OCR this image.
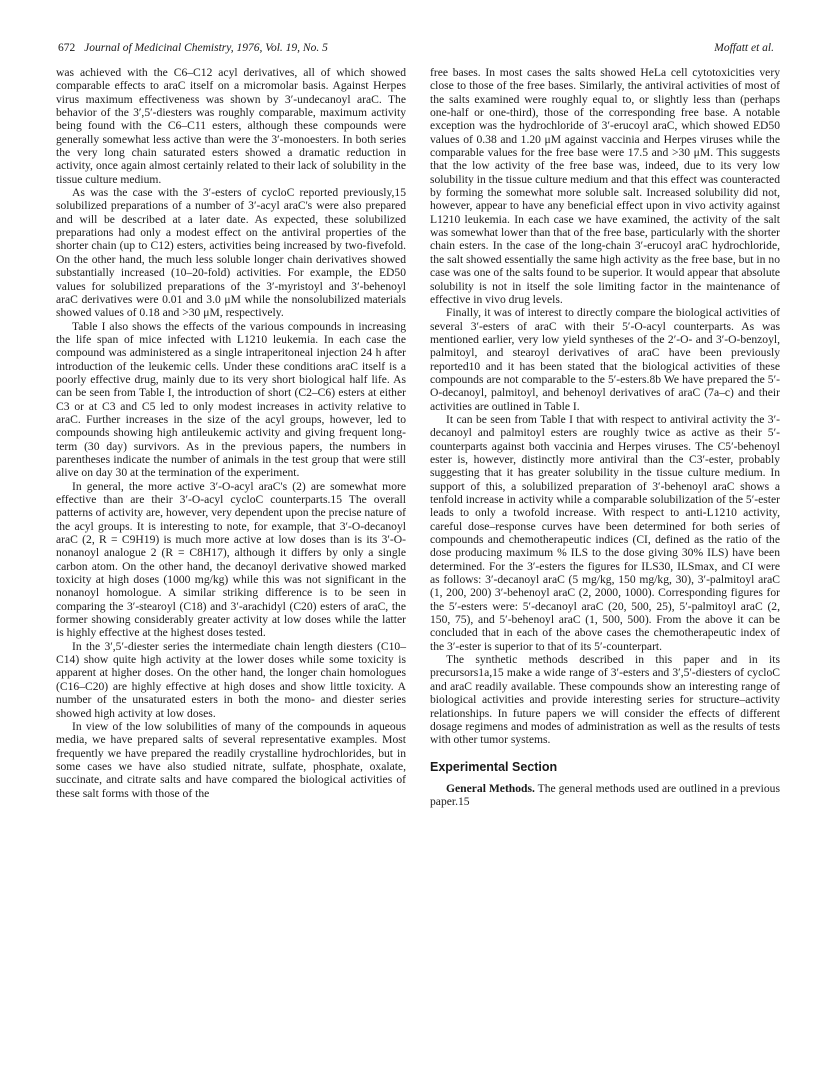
672 Journal of Medicinal Chemistry, 1976, Vol. 19, No. 5	Moffatt et al.

was achieved with the C6–C12 acyl derivatives, all of which showed comparable effects to araC itself on a micromolar basis. Against Herpes virus maximum effectiveness was shown by 3′-undecanoyl araC. The behavior of the 3′,5′-diesters was roughly comparable, maximum activity being found with the C6–C11 esters, although these compounds were generally somewhat less active than were the 3′-monoesters. In both series the very long chain saturated esters showed a dramatic reduction in activity, once again almost certainly related to their lack of solubility in the tissue culture medium.

As was the case with the 3′-esters of cycloC reported previously,15 solubilized preparations of a number of 3′-acyl araC's were also prepared and will be described at a later date. As expected, these solubilized preparations had only a modest effect on the antiviral properties of the shorter chain (up to C12) esters, activities being increased by two-fivefold. On the other hand, the much less soluble longer chain derivatives showed substantially increased (10–20-fold) activities. For example, the ED50 values for solubilized preparations of the 3′-myristoyl and 3′-behenoyl araC derivatives were 0.01 and 3.0 μM while the nonsolubilized materials showed values of 0.18 and >30 μM, respectively.

Table I also shows the effects of the various compounds in increasing the life span of mice infected with L1210 leukemia. In each case the compound was administered as a single intraperitoneal injection 24 h after introduction of the leukemic cells. Under these conditions araC itself is a poorly effective drug, mainly due to its very short biological half life. As can be seen from Table I, the introduction of short (C2–C6) esters at either C3 or at C3 and C5 led to only modest increases in activity relative to araC. Further increases in the size of the acyl groups, however, led to compounds showing high antileukemic activity and giving frequent long-term (30 day) survivors. As in the previous papers, the numbers in parentheses indicate the number of animals in the test group that were still alive on day 30 at the termination of the experiment.

In general, the more active 3′-O-acyl araC's (2) are somewhat more effective than are their 3′-O-acyl cycloC counterparts.15 The overall patterns of activity are, however, very dependent upon the precise nature of the acyl groups. It is interesting to note, for example, that 3′-O-decanoyl araC (2, R = C9H19) is much more active at low doses than is its 3′-O-nonanoyl analogue 2 (R = C8H17), although it differs by only a single carbon atom. On the other hand, the decanoyl derivative showed marked toxicity at high doses (1000 mg/kg) while this was not significant in the nonanoyl homologue. A similar striking difference is to be seen in comparing the 3′-stearoyl (C18) and 3′-arachidyl (C20) esters of araC, the former showing considerably greater activity at low doses while the latter is highly effective at the highest doses tested.

In the 3′,5′-diester series the intermediate chain length diesters (C10–C14) show quite high activity at the lower doses while some toxicity is apparent at higher doses. On the other hand, the longer chain homologues (C16–C20) are highly effective at high doses and show little toxicity. A number of the unsaturated esters in both the mono- and diester series showed high activity at low doses.

In view of the low solubilities of many of the compounds in aqueous media, we have prepared salts of several representative examples. Most frequently we have prepared the readily crystalline hydrochlorides, but in some cases we have also studied nitrate, sulfate, phosphate, oxalate, succinate, and citrate salts and have compared the biological activities of these salt forms with those of the

free bases. In most cases the salts showed HeLa cell cytotoxicities very close to those of the free bases. Similarly, the antiviral activities of most of the salts examined were roughly equal to, or slightly less than (perhaps one-half or one-third), those of the corresponding free base. A notable exception was the hydrochloride of 3′-erucoyl araC, which showed ED50 values of 0.38 and 1.20 μM against vaccinia and Herpes viruses while the comparable values for the free base were 17.5 and >30 μM. This suggests that the low activity of the free base was, indeed, due to its very low solubility in the tissue culture medium and that this effect was counteracted by forming the somewhat more soluble salt. Increased solubility did not, however, appear to have any beneficial effect upon in vivo activity against L1210 leukemia. In each case we have examined, the activity of the salt was somewhat lower than that of the free base, particularly with the shorter chain esters. In the case of the long-chain 3′-erucoyl araC hydrochloride, the salt showed essentially the same high activity as the free base, but in no case was one of the salts found to be superior. It would appear that absolute solubility is not in itself the sole limiting factor in the maintenance of effective in vivo drug levels.

Finally, it was of interest to directly compare the biological activities of several 3′-esters of araC with their 5′-O-acyl counterparts. As was mentioned earlier, very low yield syntheses of the 2′-O- and 3′-O-benzoyl, palmitoyl, and stearoyl derivatives of araC have been previously reported10 and it has been stated that the biological activities of these compounds are not comparable to the 5′-esters.8b We have prepared the 5′-O-decanoyl, palmitoyl, and behenoyl derivatives of araC (7a–c) and their activities are outlined in Table I.

It can be seen from Table I that with respect to antiviral activity the 3′-decanoyl and palmitoyl esters are roughly twice as active as their 5′-counterparts against both vaccinia and Herpes viruses. The C5′-behenoyl ester is, however, distinctly more antiviral than the C3′-ester, probably suggesting that it has greater solubility in the tissue culture medium. In support of this, a solubilized preparation of 3′-behenoyl araC shows a tenfold increase in activity while a comparable solubilization of the 5′-ester leads to only a twofold increase. With respect to anti-L1210 activity, careful dose–response curves have been determined for both series of compounds and chemotherapeutic indices (CI, defined as the ratio of the dose producing maximum % ILS to the dose giving 30% ILS) have been determined. For the 3′-esters the figures for ILS30, ILSmax, and CI were as follows: 3′-decanoyl araC (5 mg/kg, 150 mg/kg, 30), 3′-palmitoyl araC (1, 200, 200) 3′-behenoyl araC (2, 2000, 1000). Corresponding figures for the 5′-esters were: 5′-decanoyl araC (20, 500, 25), 5′-palmitoyl araC (2, 150, 75), and 5′-behenoyl araC (1, 500, 500). From the above it can be concluded that in each of the above cases the chemotherapeutic index of the 3′-ester is superior to that of its 5′-counterpart.

The synthetic methods described in this paper and in its precursors1a,15 make a wide range of 3′-esters and 3′,5′-diesters of cycloC and araC readily available. These compounds show an interesting range of biological activities and provide interesting series for structure–activity relationships. In future papers we will consider the effects of different dosage regimens and modes of administration as well as the results of tests with other tumor systems.

Experimental Section

General Methods. The general methods used are outlined in a previous paper.15
